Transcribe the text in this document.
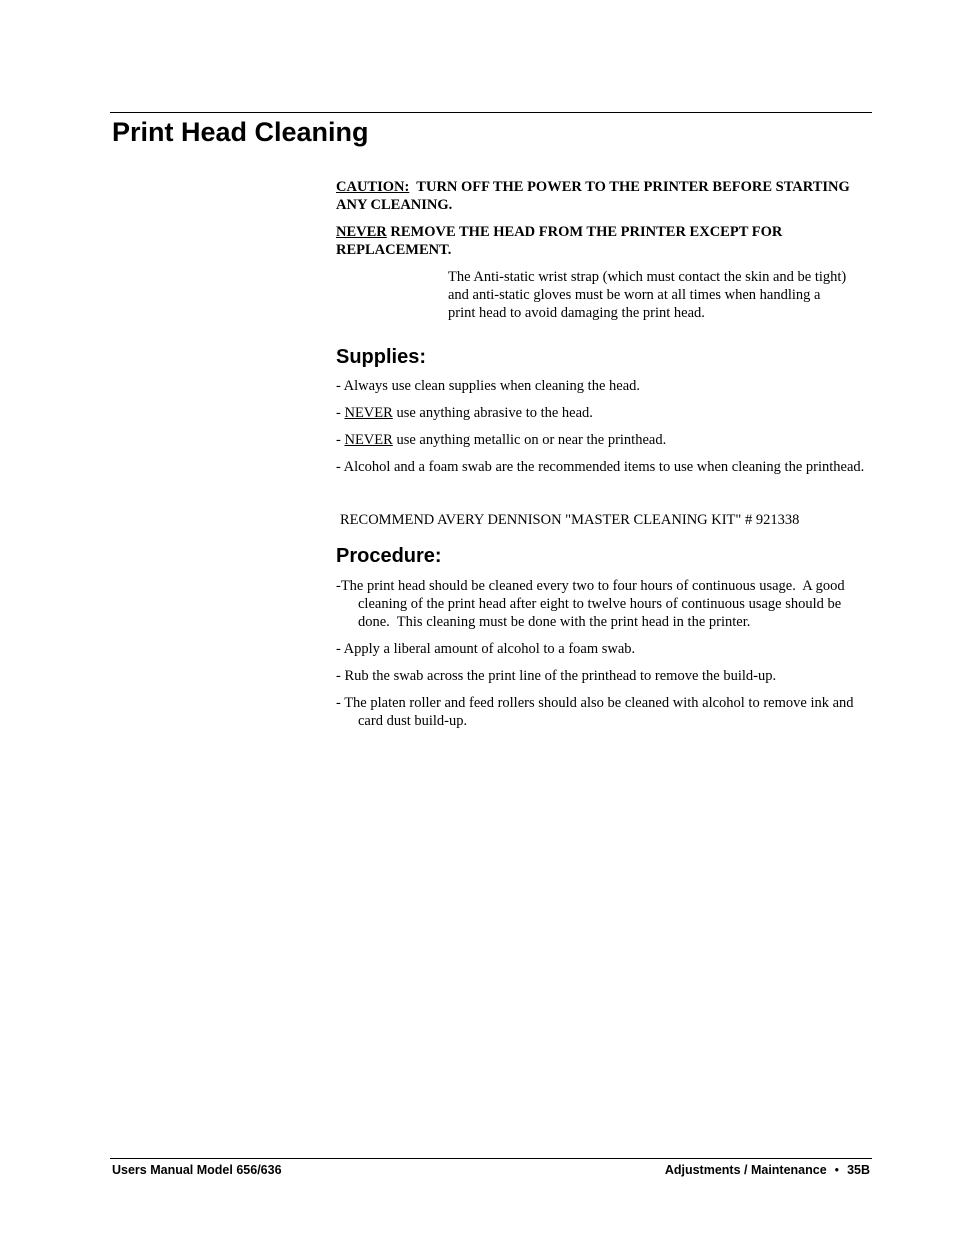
Print Head Cleaning

CAUTION:  TURN OFF THE POWER TO THE PRINTER BEFORE STARTING ANY CLEANING.

NEVER REMOVE THE HEAD FROM THE PRINTER EXCEPT FOR REPLACEMENT.

The Anti-static wrist strap (which must contact the skin and be tight) and anti-static gloves must be worn at all times when handling a print head to avoid damaging the print head.

Supplies:

- Always use clean supplies when cleaning the head.

- NEVER use anything abrasive to the head.

- NEVER use anything metallic on or near the printhead.

- Alcohol and a foam swab are the recommended items to use when cleaning the printhead.

RECOMMEND AVERY DENNISON "MASTER CLEANING KIT" # 921338

Procedure:

-The print head should be cleaned every two to four hours of continuous usage.  A good cleaning of the print head after eight to twelve hours of continuous usage should be done.  This cleaning must be done with the print head in the printer.

- Apply a liberal amount of alcohol to a foam swab.

- Rub the swab across the print line of the printhead to remove the build-up.

- The platen roller and feed rollers should also be cleaned with alcohol to remove ink and card dust build-up.

Users Manual Model 656/636	Adjustments / Maintenance • 35B
